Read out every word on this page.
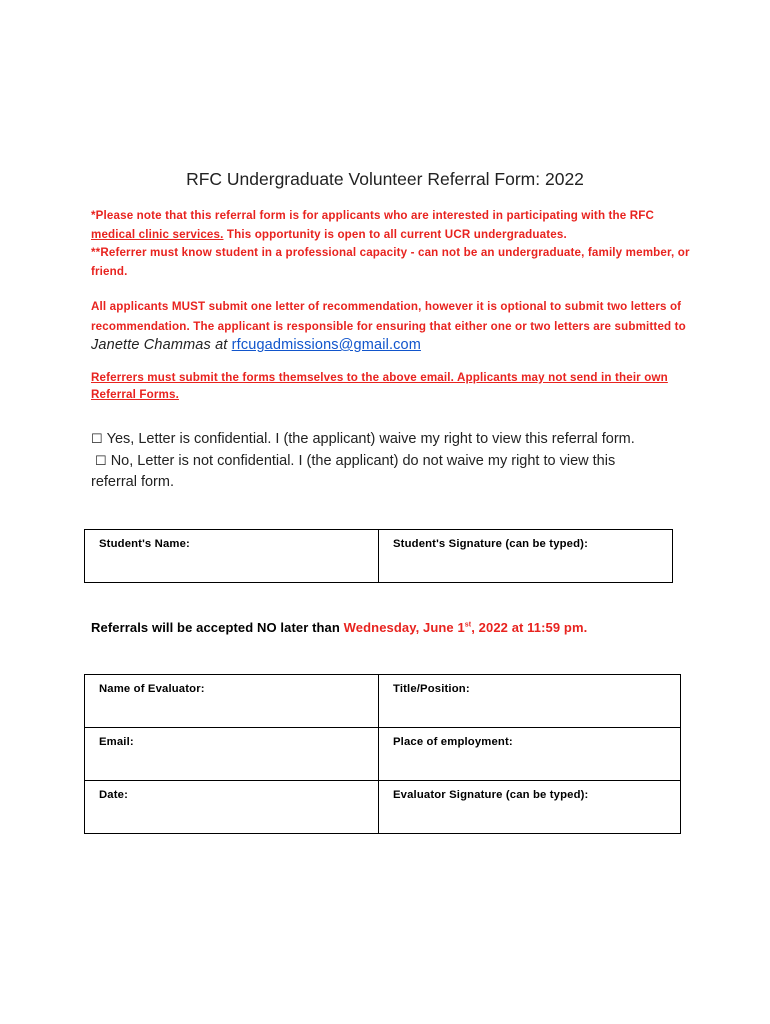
RFC Undergraduate Volunteer Referral Form: 2022
*Please note that this referral form is for applicants who are interested in participating with the RFC medical clinic services. This opportunity is open to all current UCR undergraduates.
**Referrer must know student in a professional capacity - can not be an undergraduate, family member, or friend.
All applicants MUST submit one letter of recommendation, however it is optional to submit two letters of recommendation. The applicant is responsible for ensuring that either one or two letters are submitted to Janette Chammas at rfcugadmissions@gmail.com
Referrers must submit the forms themselves to the above email. Applicants may not send in their own Referral Forms.
☐ Yes, Letter is confidential. I (the applicant) waive my right to view this referral form.
☐ No, Letter is not confidential. I (the applicant) do not waive my right to view this referral form.
Student's Name:	Student's Signature (can be typed):
Referrals will be accepted NO later than Wednesday, June 1st, 2022 at 11:59 pm.
Name of Evaluator:	Title/Position:
Email:	Place of employment:
Date:	Evaluator Signature (can be typed):
